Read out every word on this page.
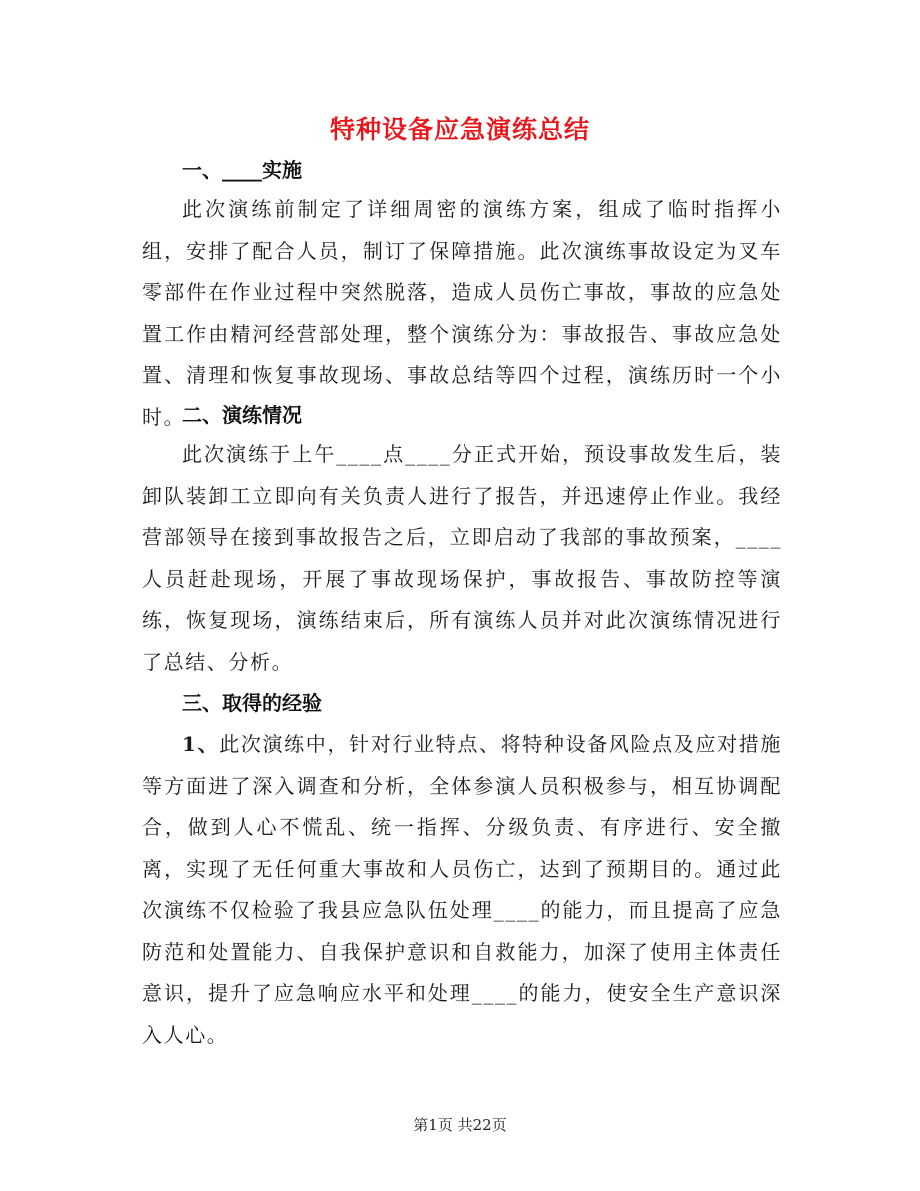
特种设备应急演练总结
一、____实施
此次演练前制定了详细周密的演练方案，组成了临时指挥小组，安排了配合人员，制订了保障措施。此次演练事故设定为叉车零部件在作业过程中突然脱落，造成人员伤亡事故，事故的应急处置工作由精河经营部处理，整个演练分为：事故报告、事故应急处置、清理和恢复事故现场、事故总结等四个过程，演练历时一个小时。
二、演练情况
此次演练于上午____点____分正式开始，预设事故发生后，装卸队装卸工立即向有关负责人进行了报告，并迅速停止作业。我经营部领导在接到事故报告之后，立即启动了我部的事故预案，____人员赶赴现场，开展了事故现场保护，事故报告、事故防控等演练，恢复现场，演练结束后，所有演练人员并对此次演练情况进行了总结、分析。
三、取得的经验
1、此次演练中，针对行业特点、将特种设备风险点及应对措施等方面进了深入调查和分析，全体参演人员积极参与，相互协调配合，做到人心不慌乱、统一指挥、分级负责、有序进行、安全撤离，实现了无任何重大事故和人员伤亡，达到了预期目的。通过此次演练不仅检验了我县应急队伍处理____的能力，而且提高了应急防范和处置能力、自我保护意识和自救能力，加深了使用主体责任意识，提升了应急响应水平和处理____的能力，使安全生产意识深入人心。
第1页 共22页
